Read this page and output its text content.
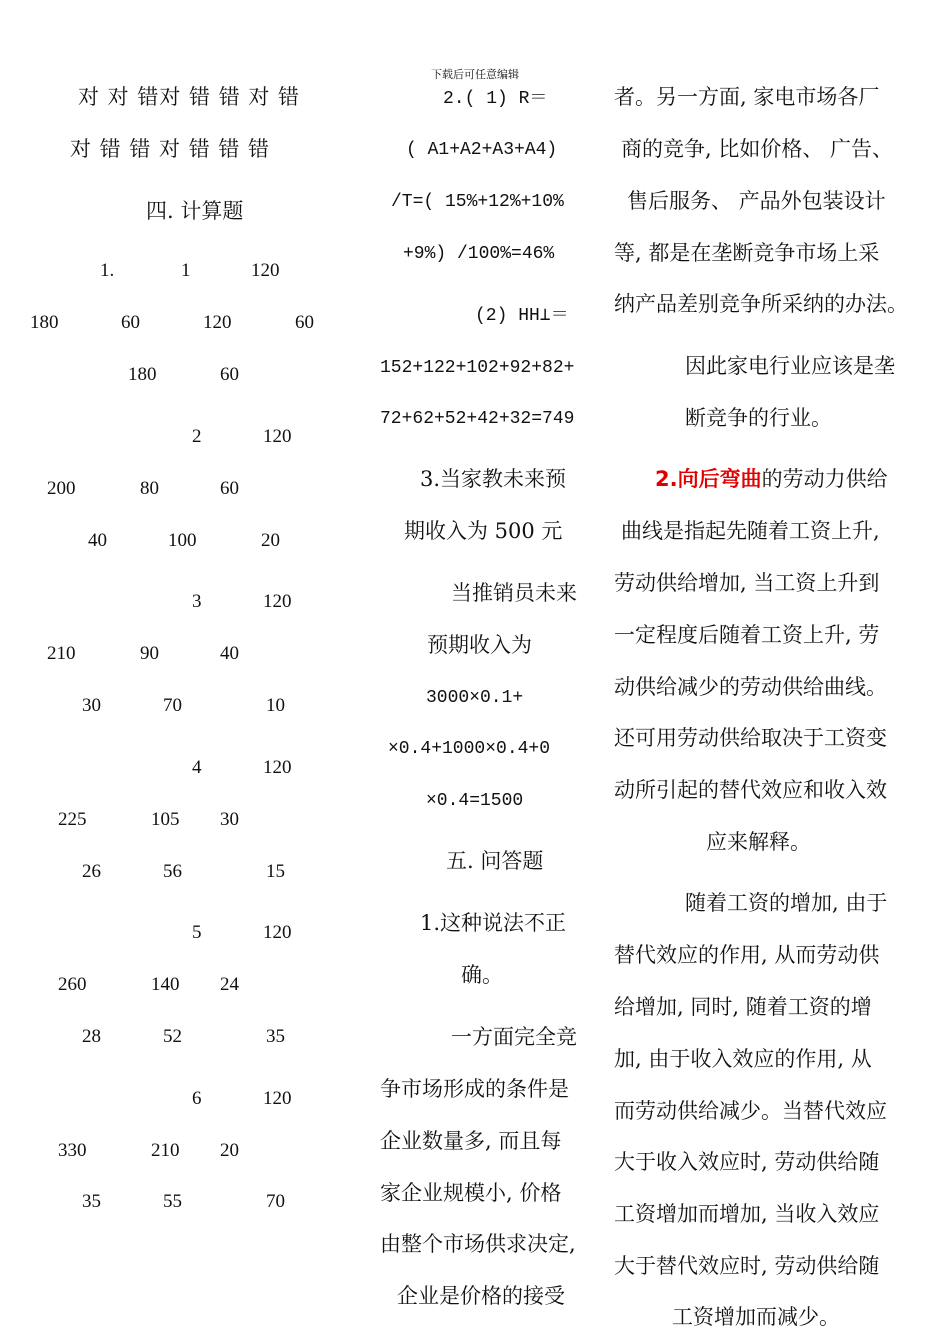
下载后可任意编辑
对 对 错对 错 错 对 错
对 错 错 对 错 错 错
四. 计算题
1.	1	120
180	60	120	60
180	60
2	120
200	80	60
40	100	20
3	120
210	90	40
30	70	10
4	120
225	105 30
26	56	15
5	120
260	140 24
28	52	35
6	120
330	210 20
35	55	70
2.( 1) R＝
( A1+A2+A3+A4)
/T=( 15%+12%+10%
+9%) /100%=46%
(2) HH⊥＝
152+122+102+92+82+
72+62+52+42+32=749
3.当家教未来预
期收入为 500 元
当推销员未来
预期收入为
3000×0.1+
×0.4+1000×0.4+0
×0.4=1500
五. 问答题
1.这种说法不正
确。
一方面完全竞
争市场形成的条件是
企业数量多, 而且每
家企业规模小, 价格
由整个市场供求决定,
企业是价格的接受
者。另一方面, 家电市场各厂
商的竞争, 比如价格、 广告、
售后服务、 产品外包装设计
等, 都是在垄断竞争市场上采
纳产品差别竞争所采纳的办法。
因此家电行业应该是垄
断竞争的行业。
2.向后弯曲的劳动力供给
曲线是指起先随着工资上升,
劳动供给增加, 当工资上升到
一定程度后随着工资上升, 劳
动供给减少的劳动供给曲线。
还可用劳动供给取决于工资变
动所引起的替代效应和收入效
应来解释。
随着工资的增加, 由于
替代效应的作用, 从而劳动供
给增加, 同时, 随着工资的增
加, 由于收入效应的作用, 从
而劳动供给减少。当替代效应
大于收入效应时, 劳动供给随
工资增加而增加, 当收入效应
大于替代效应时, 劳动供给随
工资增加而减少。
